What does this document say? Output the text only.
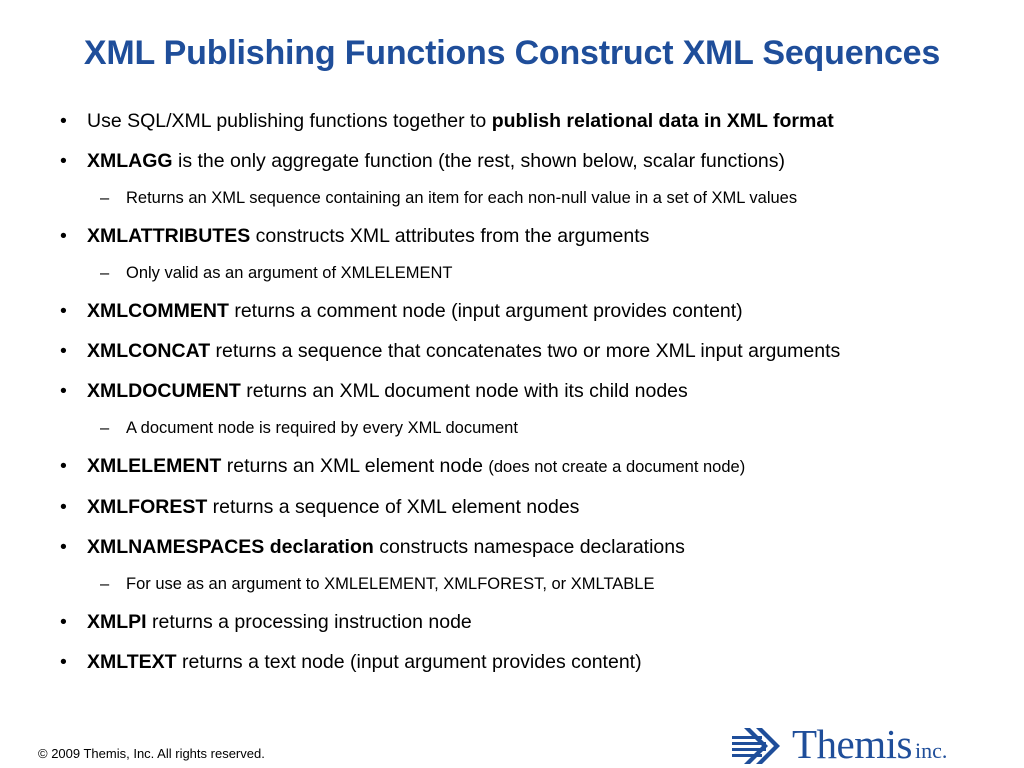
XML Publishing Functions Construct XML Sequences
• Use SQL/XML publishing functions together to publish relational data in XML format
• XMLAGG is the only aggregate function (the rest, shown below, scalar functions)
– Returns an XML sequence containing an item for each non-null value in a set of XML values
• XMLATTRIBUTES constructs XML attributes from the arguments
– Only valid as an argument of XMLELEMENT
• XMLCOMMENT returns a comment node (input argument provides content)
• XMLCONCAT returns a sequence that concatenates two or more XML input arguments
• XMLDOCUMENT returns an XML document node with its child nodes
– A document node is required by every XML document
• XMLELEMENT returns an XML element node (does not create a document node)
• XMLFOREST returns a sequence of XML element nodes
• XMLNAMESPACES declaration constructs namespace declarations
– For use as an argument to XMLELEMENT, XMLFOREST, or XMLTABLE
• XMLPI returns a processing instruction node
• XMLTEXT returns a text node (input argument provides content)
© 2009 Themis, Inc. All rights reserved.	Themis inc.
